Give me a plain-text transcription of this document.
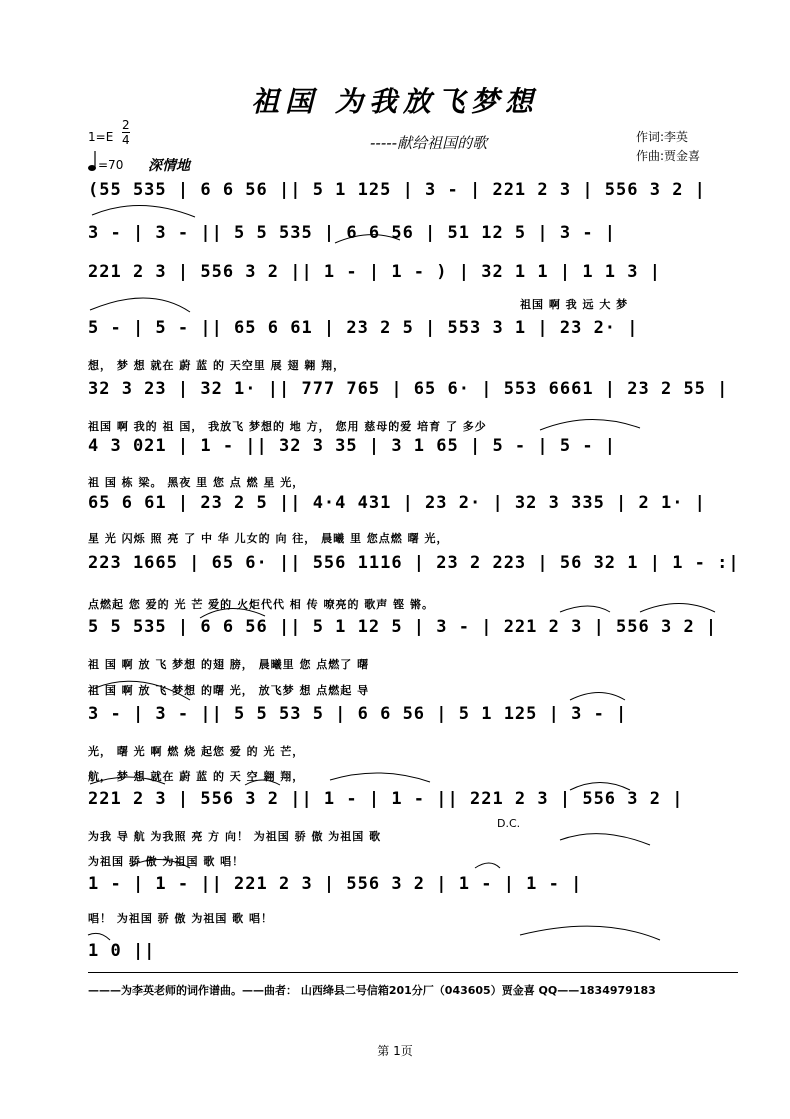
祖国 为我放飞梦想
-----献给祖国的歌	作词:李英
作曲:贾金喜
1=E
2
4
=70 深情地
(55 535 | 6 6 56 || 5 1 125 | 3 - | 221 2 3 | 556 3 2 |
3 - | 3 - || 5 5 535 | 6 6 56 | 51 12 5 | 3 - |
221 2 3 | 556 3 2 || 1 - | 1 - ) | 32 1 1 | 1 1 3 |
5 - | 5 - || 65 6 61 | 23 2 5 | 553 3 1 | 23 2· |
32 3 23 | 32 1· || 777 765 | 65 6· | 553 6661 | 23 2 55 |
4 3 021 | 1 - || 32 3 35 | 3 1 65 | 5 - | 5 - |
65 6 61 | 23 2 5 || 4·4 431 | 23 2· | 32 3 335 | 2 1· |
223 1665 | 65 6· || 556 1116 | 23 2 223 | 56 32 1 | 1 - :|
5 5 535 | 6 6 56 || 5 1 12 5 | 3 - | 221 2 3 | 556 3 2 |
3 - | 3 - || 5 5 53 5 | 6 6 56 | 5 1 125 | 3 - |
221 2 3 | 556 3 2 || 1 - | 1 - || 221 2 3 | 556 3 2 |
1 - | 1 - || 221 2 3 | 556 3 2 | 1 - | 1 - |
1 0 ||
祖国 啊 我 远 大 梦
想， 梦 想 就在 蔚 蓝 的 天空里 展 翅 翱 翔，
祖国 啊 我的 祖 国， 我放飞 梦想的 地 方， 您用 慈母的爱 培育 了 多少
祖 国 栋 梁。 黑夜 里 您 点 燃 星 光，
星 光 闪烁 照 亮 了 中 华 儿女的 向 往， 晨曦 里 您点燃 曙 光，
点燃起 您 爱的 光 芒 爱的 火炬代代 相 传 嘹亮的 歌声 铿 锵。
祖 国 啊 放 飞 梦想 的翅 膀， 晨曦里 您 点燃了 曙
祖 国 啊 放 飞 梦想 的曙 光， 放飞梦 想 点燃起 导
光， 曙 光 啊 燃 烧 起您 爱 的 光 芒，
航， 梦 想 就在 蔚 蓝 的 天 空 翱 翔，
为我 导 航 为我照 亮 方 向！ 为祖国 骄 傲 为祖国 歌
为祖国 骄 傲 为祖国 歌 唱！
唱！ 为祖国 骄 傲 为祖国 歌 唱！
D.C.
———为李英老师的词作谱曲。——曲者： 山西绛县二号信箱201分厂（043605）贾金喜 QQ——1834979183
第 1页
